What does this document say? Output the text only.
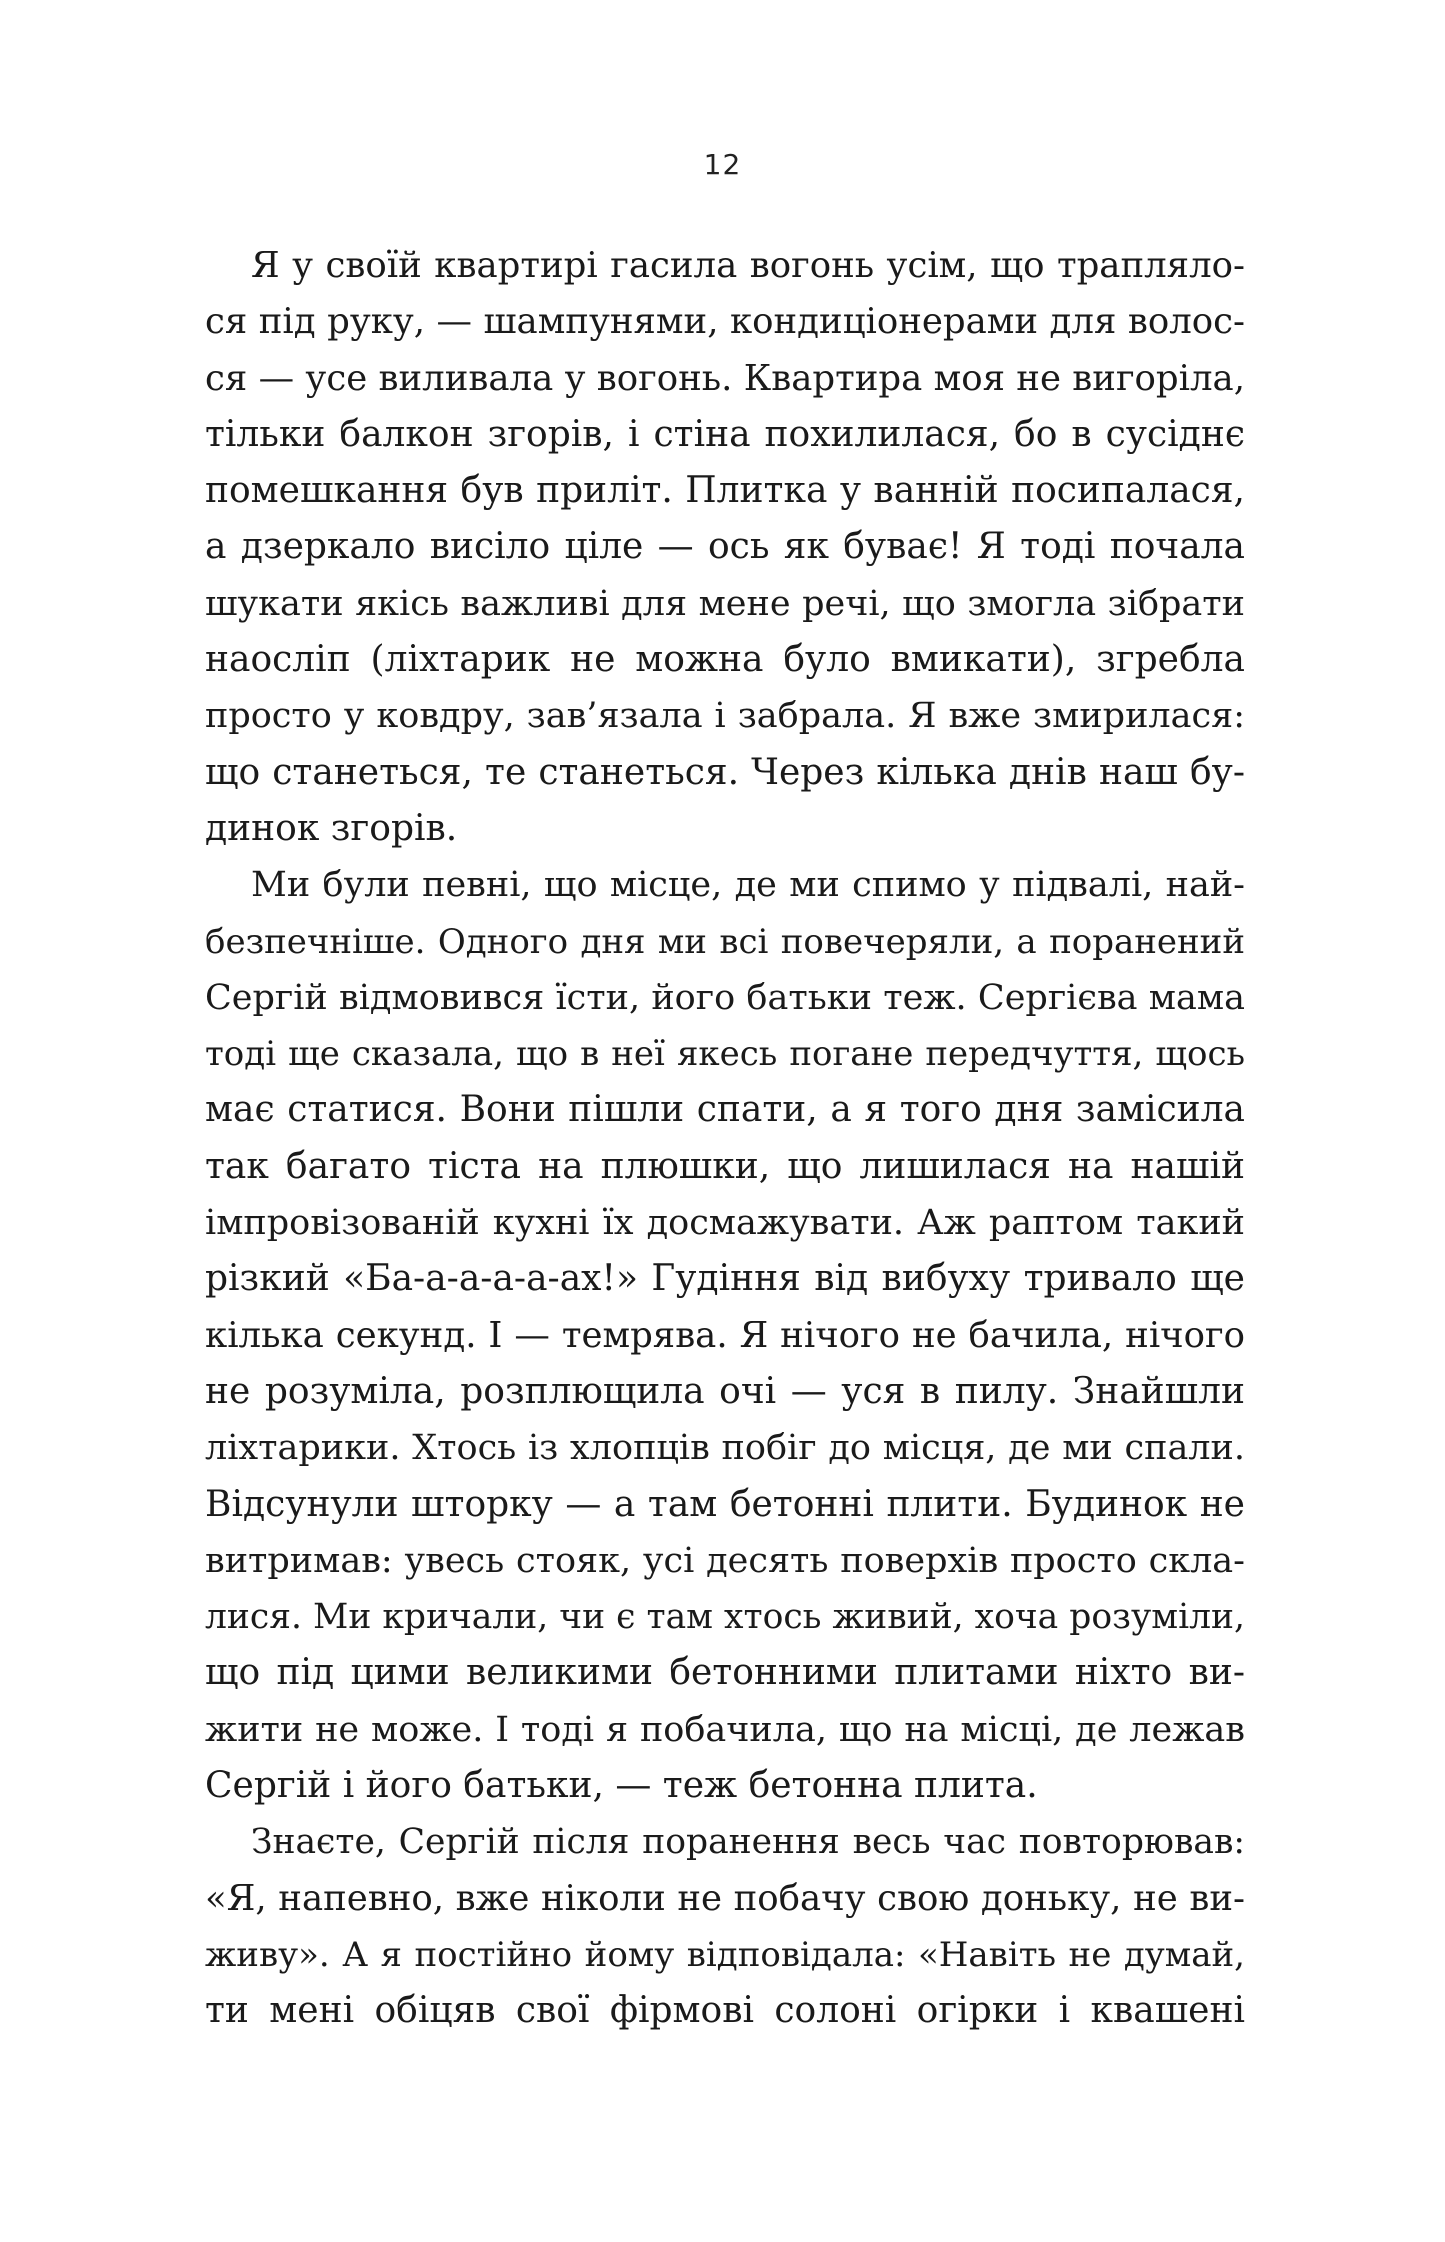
12
Я у своїй квартирі гасила вогонь усім, що трапляло-
ся під руку, — шампунями, кондиціонерами для волос-
ся — усе виливала у вогонь. Квартира моя не вигоріла,
тільки балкон згорів, і стіна похилилася, бо в сусіднє
помешкання був приліт. Плитка у ванній посипалася,
а дзеркало висіло ціле — ось як буває! Я тоді почала
шукати якісь важливі для мене речі, що змогла зібрати
наосліп (ліхтарик не можна було вмикати), згребла
просто у ковдру, зав’язала і забрала. Я вже змирилася:
що станеться, те станеться. Через кілька днів наш бу-
динок згорів.
Ми були певні, що місце, де ми спимо у підвалі, най-
безпечніше. Одного дня ми всі повечеряли, а поранений
Сергій відмовився їсти, його батьки теж. Сергієва мама
тоді ще сказала, що в неї якесь погане передчуття, щось
має статися. Вони пішли спати, а я того дня замісила
так багато тіста на плюшки, що лишилася на нашій
імпровізованій кухні їх досмажувати. Аж раптом такий
різкий «Ба-а-а-а-а-ах!» Гудіння від вибуху тривало ще
кілька секунд. І — темрява. Я нічого не бачила, нічого
не розуміла, розплющила очі — уся в пилу. Знайшли
ліхтарики. Хтось із хлопців побіг до місця, де ми спали.
Відсунули шторку — а там бетонні плити. Будинок не
витримав: увесь стояк, усі десять поверхів просто скла-
лися. Ми кричали, чи є там хтось живий, хоча розуміли,
що під цими великими бетонними плитами ніхто ви-
жити не може. І тоді я побачила, що на місці, де лежав
Сергій і його батьки, — теж бетонна плита.
Знаєте, Сергій після поранення весь час повторював:
«Я, напевно, вже ніколи не побачу свою доньку, не ви-
живу». А я постійно йому відповідала: «Навіть не думай,
ти мені обіцяв свої фірмові солоні огірки і квашені
